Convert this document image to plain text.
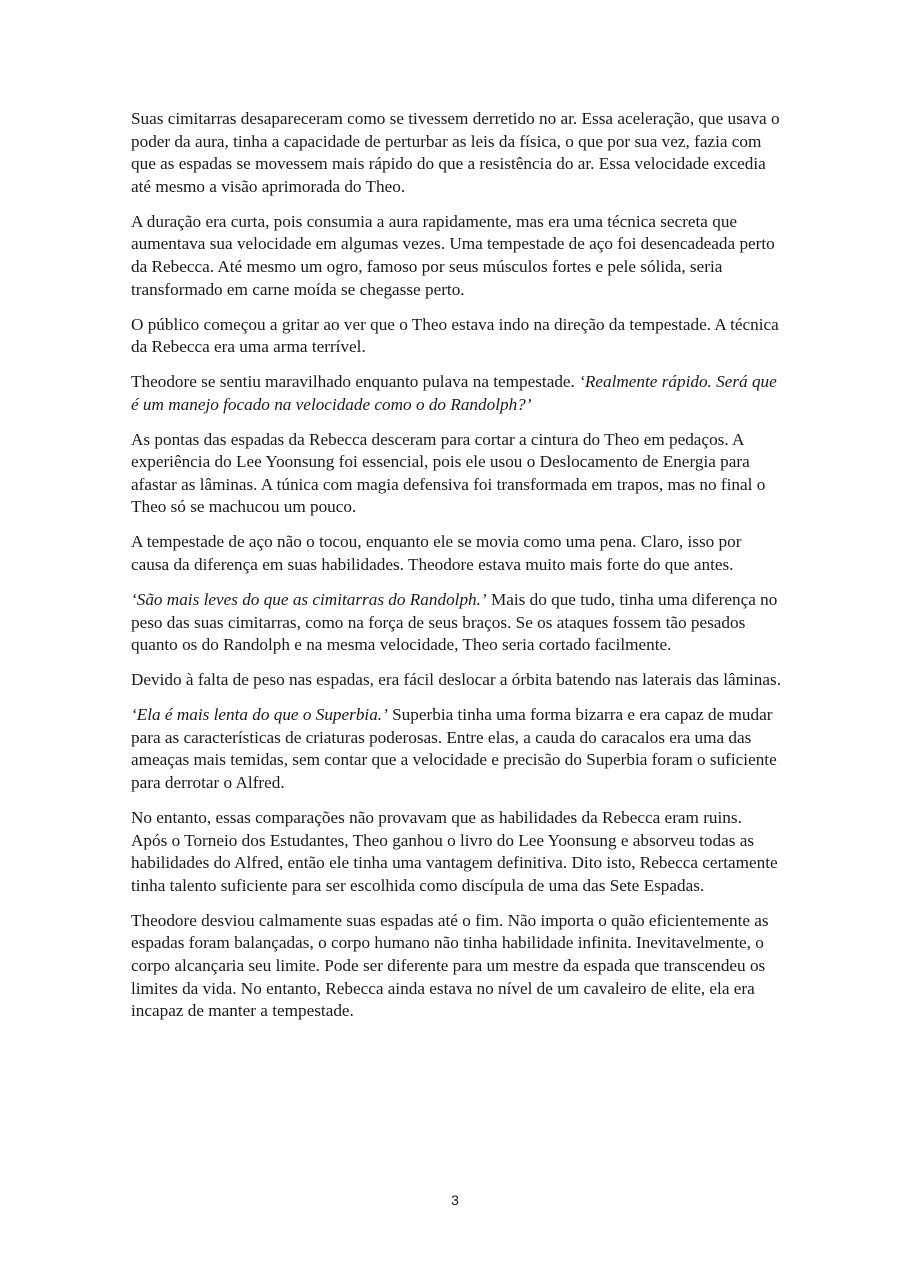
Suas cimitarras desapareceram como se tivessem derretido no ar. Essa aceleração, que usava o poder da aura, tinha a capacidade de perturbar as leis da física, o que por sua vez, fazia com que as espadas se movessem mais rápido do que a resistência do ar. Essa velocidade excedia até mesmo a visão aprimorada do Theo.

A duração era curta, pois consumia a aura rapidamente, mas era uma técnica secreta que aumentava sua velocidade em algumas vezes. Uma tempestade de aço foi desencadeada perto da Rebecca. Até mesmo um ogro, famoso por seus músculos fortes e pele sólida, seria transformado em carne moída se chegasse perto.

O público começou a gritar ao ver que o Theo estava indo na direção da tempestade. A técnica da Rebecca era uma arma terrível.

Theodore se sentiu maravilhado enquanto pulava na tempestade. ‘Realmente rápido. Será que é um manejo focado na velocidade como o do Randolph?’

As pontas das espadas da Rebecca desceram para cortar a cintura do Theo em pedaços. A experiência do Lee Yoonsung foi essencial, pois ele usou o Deslocamento de Energia para afastar as lâminas. A túnica com magia defensiva foi transformada em trapos, mas no final o Theo só se machucou um pouco.

A tempestade de aço não o tocou, enquanto ele se movia como uma pena. Claro, isso por causa da diferença em suas habilidades. Theodore estava muito mais forte do que antes.

‘São mais leves do que as cimitarras do Randolph.’ Mais do que tudo, tinha uma diferença no peso das suas cimitarras, como na força de seus braços. Se os ataques fossem tão pesados quanto os do Randolph e na mesma velocidade, Theo seria cortado facilmente.

Devido à falta de peso nas espadas, era fácil deslocar a órbita batendo nas laterais das lâminas.

‘Ela é mais lenta do que o Superbia.’ Superbia tinha uma forma bizarra e era capaz de mudar para as características de criaturas poderosas. Entre elas, a cauda do caracalos era uma das ameaças mais temidas, sem contar que a velocidade e precisão do Superbia foram o suficiente para derrotar o Alfred.

No entanto, essas comparações não provavam que as habilidades da Rebecca eram ruins. Após o Torneio dos Estudantes, Theo ganhou o livro do Lee Yoonsung e absorveu todas as habilidades do Alfred, então ele tinha uma vantagem definitiva. Dito isto, Rebecca certamente tinha talento suficiente para ser escolhida como discípula de uma das Sete Espadas.

Theodore desviou calmamente suas espadas até o fim. Não importa o quão eficientemente as espadas foram balançadas, o corpo humano não tinha habilidade infinita. Inevitavelmente, o corpo alcançaria seu limite. Pode ser diferente para um mestre da espada que transcendeu os limites da vida. No entanto, Rebecca ainda estava no nível de um cavaleiro de elite, ela era incapaz de manter a tempestade.

3
